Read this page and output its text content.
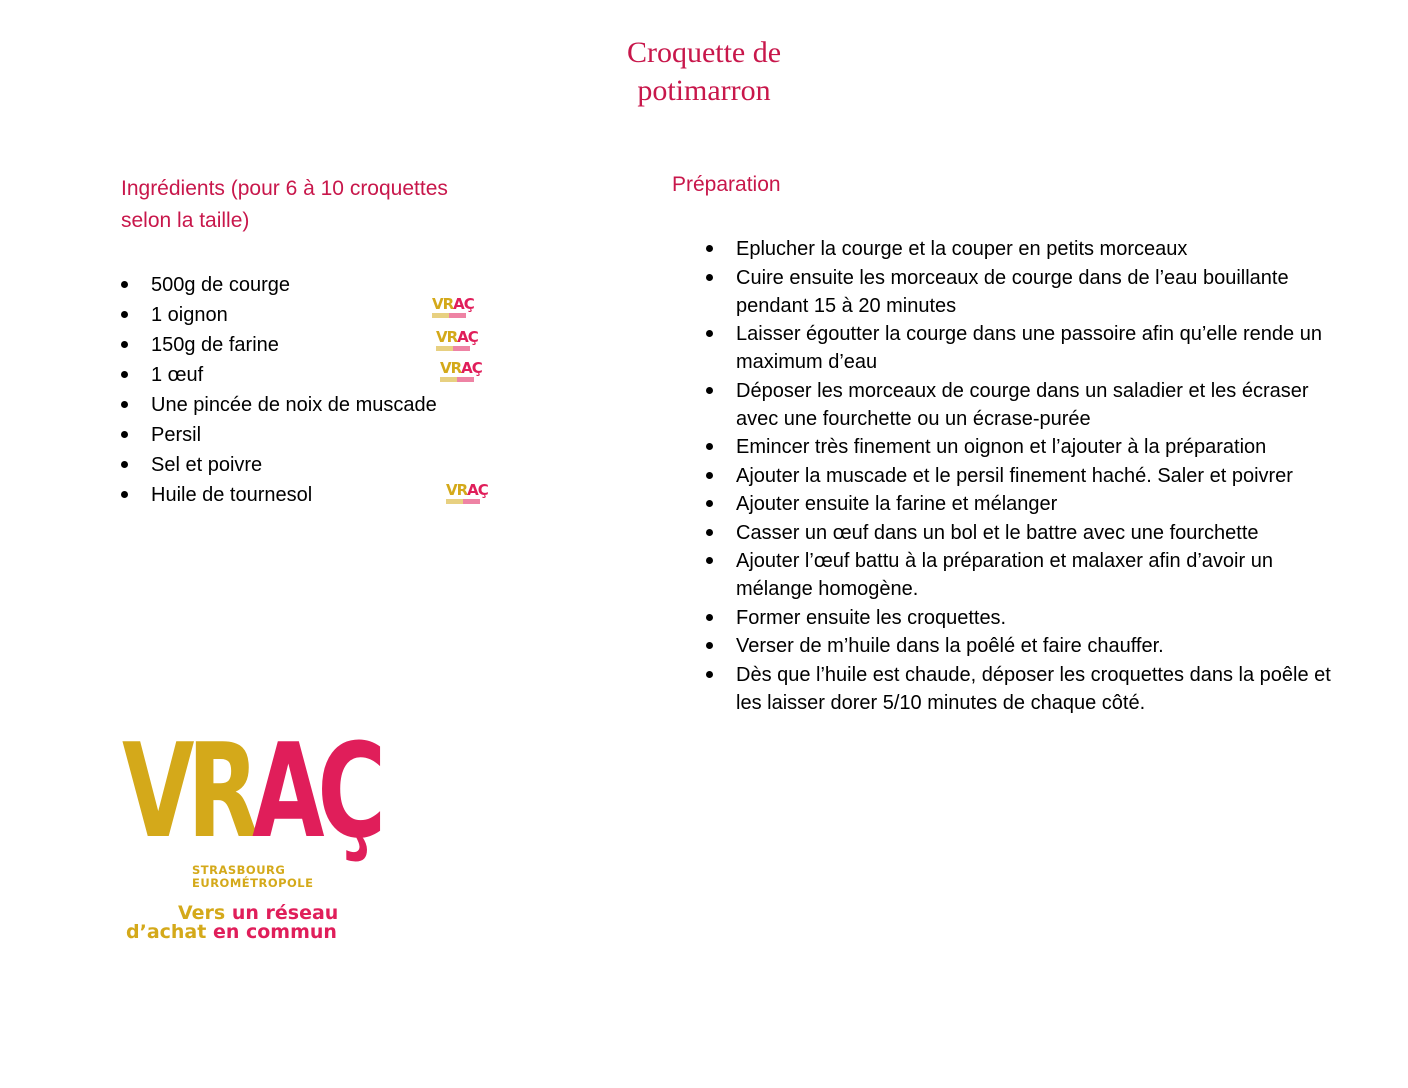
Croquette de
potimarron
Ingrédients (pour 6 à 10 croquettes selon la taille)
500g de courge
1 oignon
150g de farine
1 œuf
Une pincée de noix de muscade
Persil
Sel et poivre
Huile de tournesol
VRAÇ
VRAÇ
VRAÇ
VRAÇ
Préparation
Eplucher la courge et la couper en petits morceaux
Cuire ensuite les morceaux de courge dans de l’eau bouillante pendant 15 à 20 minutes
Laisser égoutter la courge dans une passoire afin qu’elle rende un maximum d’eau
Déposer les morceaux de courge dans un saladier et les écraser avec une fourchette ou un écrase-purée
Emincer très finement un oignon et l’ajouter à la préparation
Ajouter la muscade et le persil finement haché. Saler et poivrer
Ajouter ensuite la farine et mélanger
Casser un œuf dans un bol et le battre avec une fourchette
Ajouter l’œuf battu à la préparation et malaxer afin d’avoir un mélange homogène.
Former ensuite les croquettes.
Verser de m’huile dans la poêlé et faire chauffer.
Dès que l’huile est chaude, déposer les croquettes dans la poêle et les laisser dorer 5/10 minutes de chaque côté.
VRAÇ
STRASBOURG
EUROMÉTROPOLE
Vers un réseau
d’achat en commun
